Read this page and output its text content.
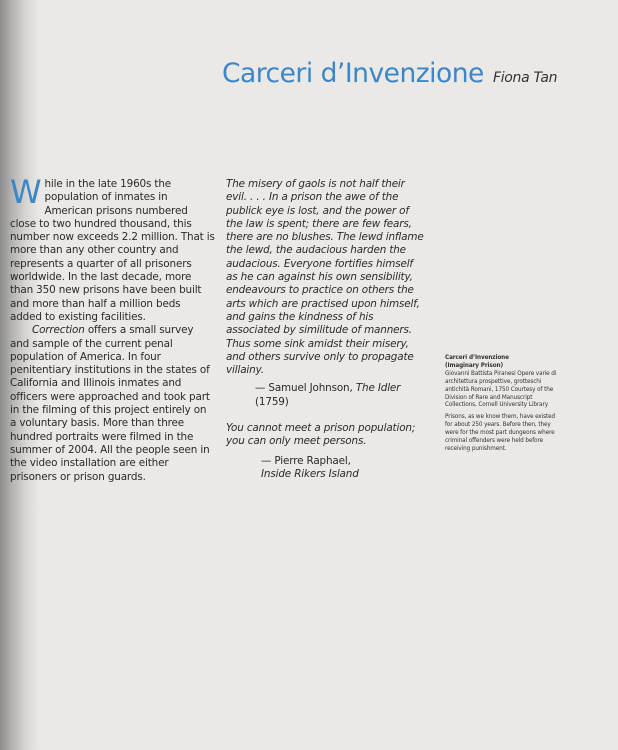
Carceri d’Invenzione Fiona Tan

While in the late 1960s the population of inmates in American prisons numbered close to two hundred thousand, this number now exceeds 2.2 million. That is more than any other country and represents a quarter of all prisoners worldwide. In the last decade, more than 350 new prisons have been built and more than half a million beds added to existing facilities.

Correction offers a small survey and sample of the current penal population of America. In four penitentiary institutions in the states of California and Illinois inmates and officers were approached and took part in the filming of this project entirely on a voluntary basis. More than three hundred portraits were filmed in the summer of 2004. All the people seen in the video installation are either prisoners or prison guards.

The misery of gaols is not half their evil. . . . In a prison the awe of the publick eye is lost, and the power of the law is spent; there are few fears, there are no blushes. The lewd inflame the lewd, the audacious harden the audacious. Everyone fortifies himself as he can against his own sensibility, endeavours to practice on others the arts which are practised upon himself, and gains the kindness of his associated by similitude of manners. Thus some sink amidst their misery, and others survive only to propagate villainy.

— Samuel Johnson, The Idler
(1759)

You cannot meet a prison population; you can only meet persons.

— Pierre Raphael,
Inside Rikers Island

Carceri d’Invenzione

(Imaginary Prison)

Giovanni Battista Piranesi Opere varie di architettura prospettive, grotteschi antichità Romani, 1750 Courtesy of the Division of Rare and Manuscript Collections, Cornell University Library

Prisons, as we know them, have existed for about 250 years. Before then, they were for the most part dungeons where criminal offenders were held before receiving punishment.
